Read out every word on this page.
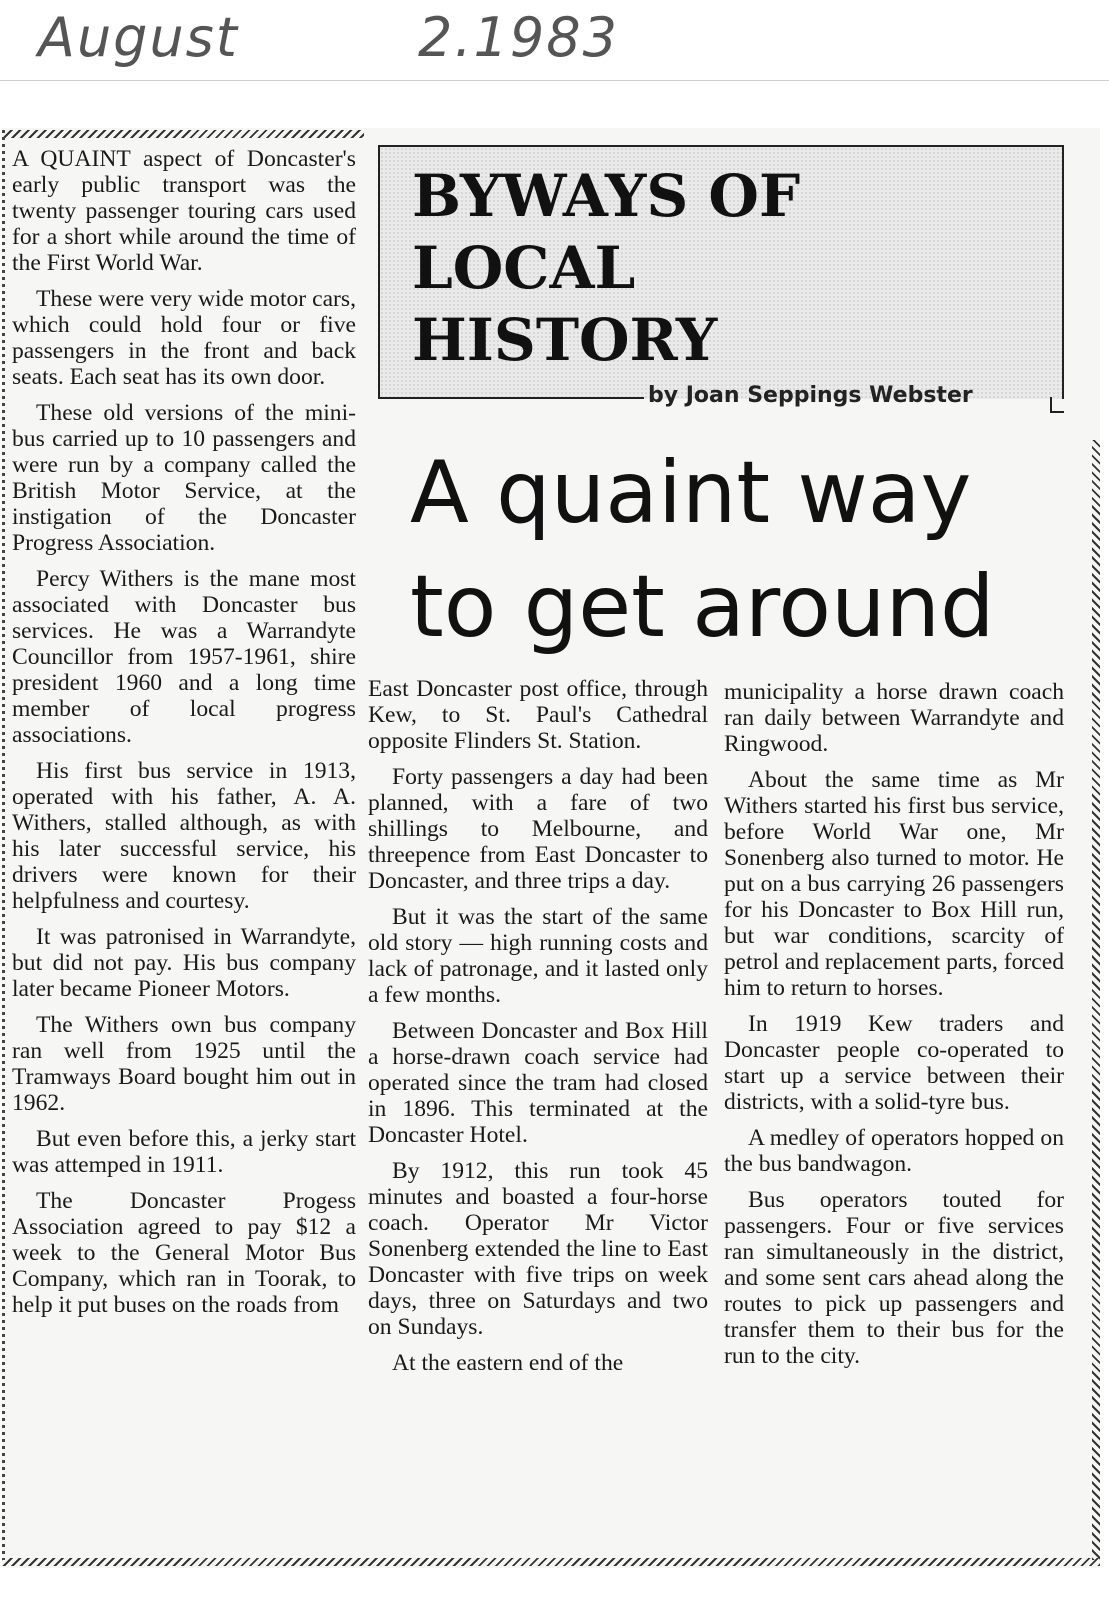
August	2.1983
BYWAYS OF
LOCAL
HISTORY
by Joan Seppings Webster
A quaint way
to get around

A QUAINT aspect of Doncaster's early public transport was the twenty passenger touring cars used for a short while around the time of the First World War.

These were very wide motor cars, which could hold four or five passengers in the front and back seats. Each seat has its own door.

These old versions of the mini-bus carried up to 10 passengers and were run by a company called the British Motor Service, at the instigation of the Doncaster Progress Association.

Percy Withers is the mane most associated with Doncaster bus services. He was a Warrandyte Councillor from 1957-1961, shire president 1960 and a long time member of local progress associations.

His first bus service in 1913, operated with his father, A. A. Withers, stalled although, as with his later successful service, his drivers were known for their helpfulness and courtesy.

It was patronised in Warrandyte, but did not pay. His bus company later became Pioneer Motors.

The Withers own bus company ran well from 1925 until the Tramways Board bought him out in 1962.

But even before this, a jerky start was attemped in 1911.

The Doncaster Progess Association agreed to pay $12 a week to the General Motor Bus Company, which ran in Toorak, to help it put buses on the roads from

East Doncaster post office, through Kew, to St. Paul's Cathedral opposite Flinders St. Station.

Forty passengers a day had been planned, with a fare of two shillings to Melbourne, and threepence from East Doncaster to Doncaster, and three trips a day.

But it was the start of the same old story — high running costs and lack of patronage, and it lasted only a few months.

Between Doncaster and Box Hill a horse-drawn coach service had operated since the tram had closed in 1896. This terminated at the Doncaster Hotel.

By 1912, this run took 45 minutes and boasted a four-horse coach. Operator Mr Victor Sonenberg extended the line to East Doncaster with five trips on week days, three on Saturdays and two on Sundays.

At the eastern end of the

municipality a horse drawn coach ran daily between Warrandyte and Ringwood.

About the same time as Mr Withers started his first bus service, before World War one, Mr Sonenberg also turned to motor. He put on a bus carrying 26 passengers for his Doncaster to Box Hill run, but war conditions, scarcity of petrol and replacement parts, forced him to return to horses.

In 1919 Kew traders and Doncaster people co-operated to start up a service between their districts, with a solid-tyre bus.

A medley of operators hopped on the bus bandwagon.

Bus operators touted for passengers. Four or five services ran simultaneously in the district, and some sent cars ahead along the routes to pick up passengers and transfer them to their bus for the run to the city.
